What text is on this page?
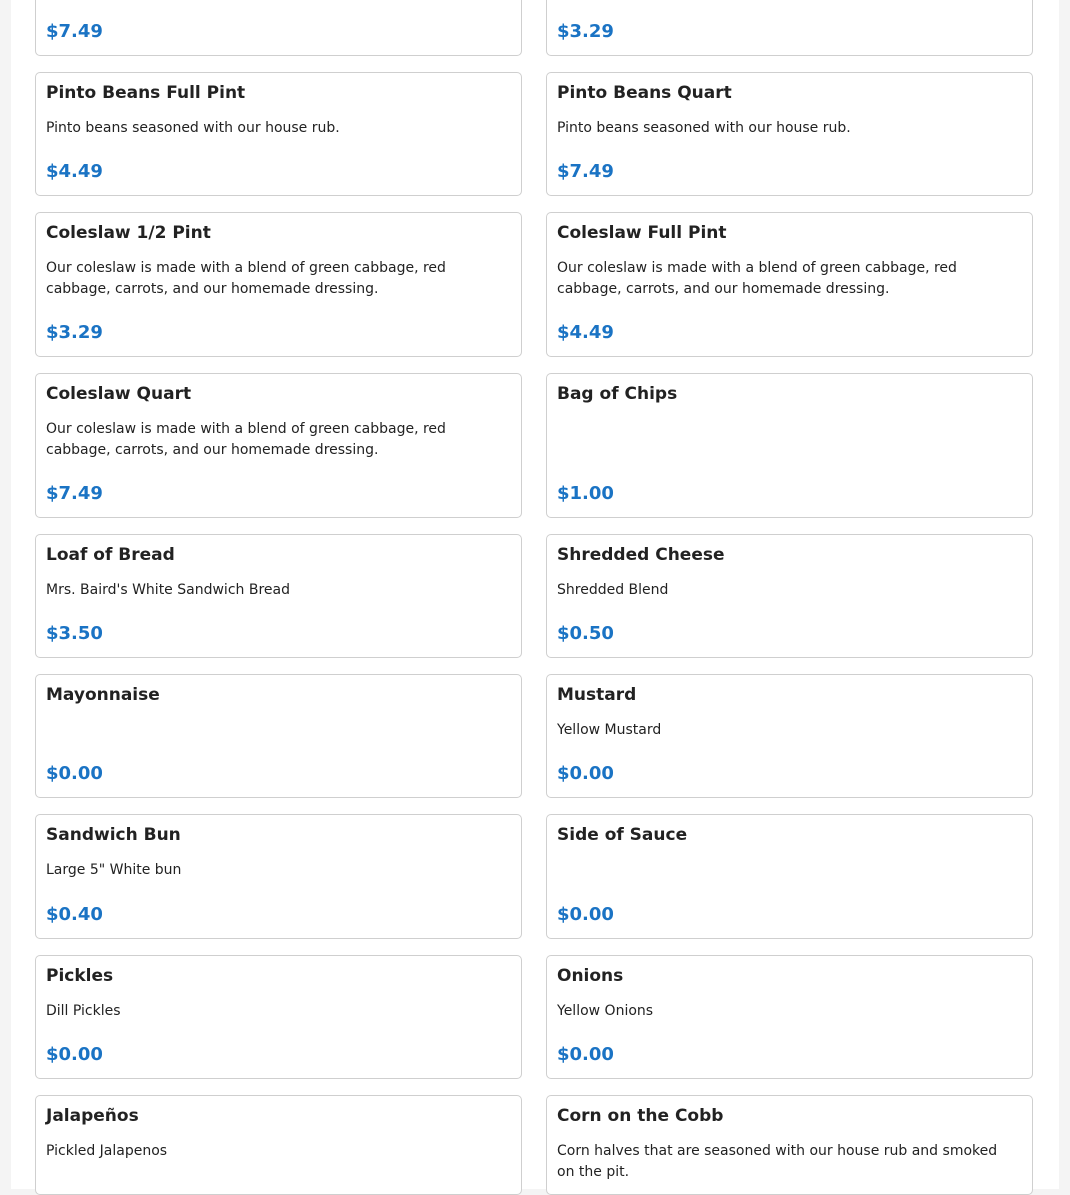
$7.49	$3.29
Pinto Beans Full Pint
Pinto beans seasoned with our house rub.
$4.49
Pinto Beans Quart
Pinto beans seasoned with our house rub.
$7.49
Coleslaw 1/2 Pint
Our coleslaw is made with a blend of green cabbage, red cabbage, carrots, and our homemade dressing.
$3.29
Coleslaw Full Pint
Our coleslaw is made with a blend of green cabbage, red cabbage, carrots, and our homemade dressing.
$4.49
Coleslaw Quart
Our coleslaw is made with a blend of green cabbage, red cabbage, carrots, and our homemade dressing.
$7.49
Bag of Chips
$1.00
Loaf of Bread
Mrs. Baird's White Sandwich Bread
$3.50
Shredded Cheese
Shredded Blend
$0.50
Mayonnaise
$0.00
Mustard
Yellow Mustard
$0.00
Sandwich Bun
Large 5" White bun
$0.40
Side of Sauce
$0.00
Pickles
Dill Pickles
$0.00
Onions
Yellow Onions
$0.00
Jalapeños
Pickled Jalapenos
Corn on the Cobb
Corn halves that are seasoned with our house rub and smoked on the pit.
